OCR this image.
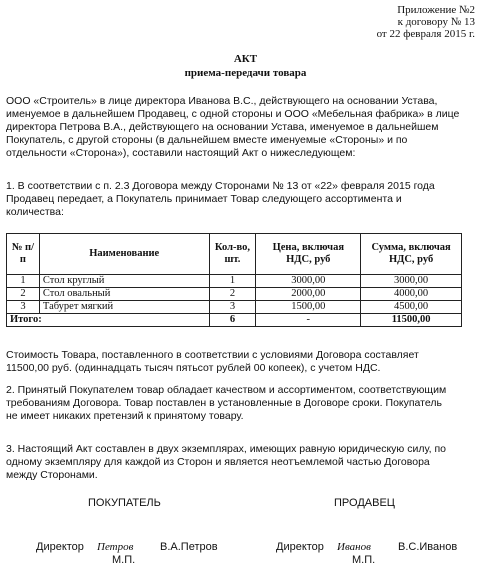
Приложение №2
к договору № 13
от 22 февраля 2015 г.
АКТ
приема-передачи товара
ООО «Строитель» в лице директора Иванова В.С., действующего на основании Устава,
именуемое в дальнейшем Продавец, с одной стороны и ООО «Мебельная фабрика» в лице
директора Петрова В.А., действующего на основании Устава, именуемое в дальнейшем
Покупатель, с другой стороны (в дальнейшем вместе именуемые «Стороны» и по
отдельности «Сторона»), составили настоящий Акт о нижеследующем:
1. В соответствии с п. 2.3 Договора между Сторонами № 13 от «22» февраля 2015 года
Продавец передает, а Покупатель принимает Товар следующего ассортимента и
количества:
№ п/п	Наименование	Кол-во, шт.	Цена, включая НДС, руб	Сумма, включая НДС, руб
1	Стол круглый	1	3000,00	3000,00
2	Стол овальный	2	2000,00	4000,00
3	Табурет мягкий	3	1500,00	4500,00
Итого:		6	-	11500,00
Стоимость Товара, поставленного в соответствии с условиями Договора составляет
11500,00 руб. (одиннадцать тысяч пятьсот рублей 00 копеек), с учетом НДС.
2. Принятый Покупателем товар обладает качеством и ассортиментом, соответствующим
требованиям Договора. Товар поставлен в установленные в Договоре сроки. Покупатель
не имеет никаких претензий к принятому товару.
3. Настоящий Акт составлен в двух экземплярах, имеющих равную юридическую силу, по
одному экземпляру для каждой из Сторон и является неотъемлемой частью Договора
между Сторонами.
ПОКУПАТЕЛЬ	ПРОДАВЕЦ
Директор Петров В.А.Петров
М.П.
Директор Иванов В.С.Иванов
М.П.
